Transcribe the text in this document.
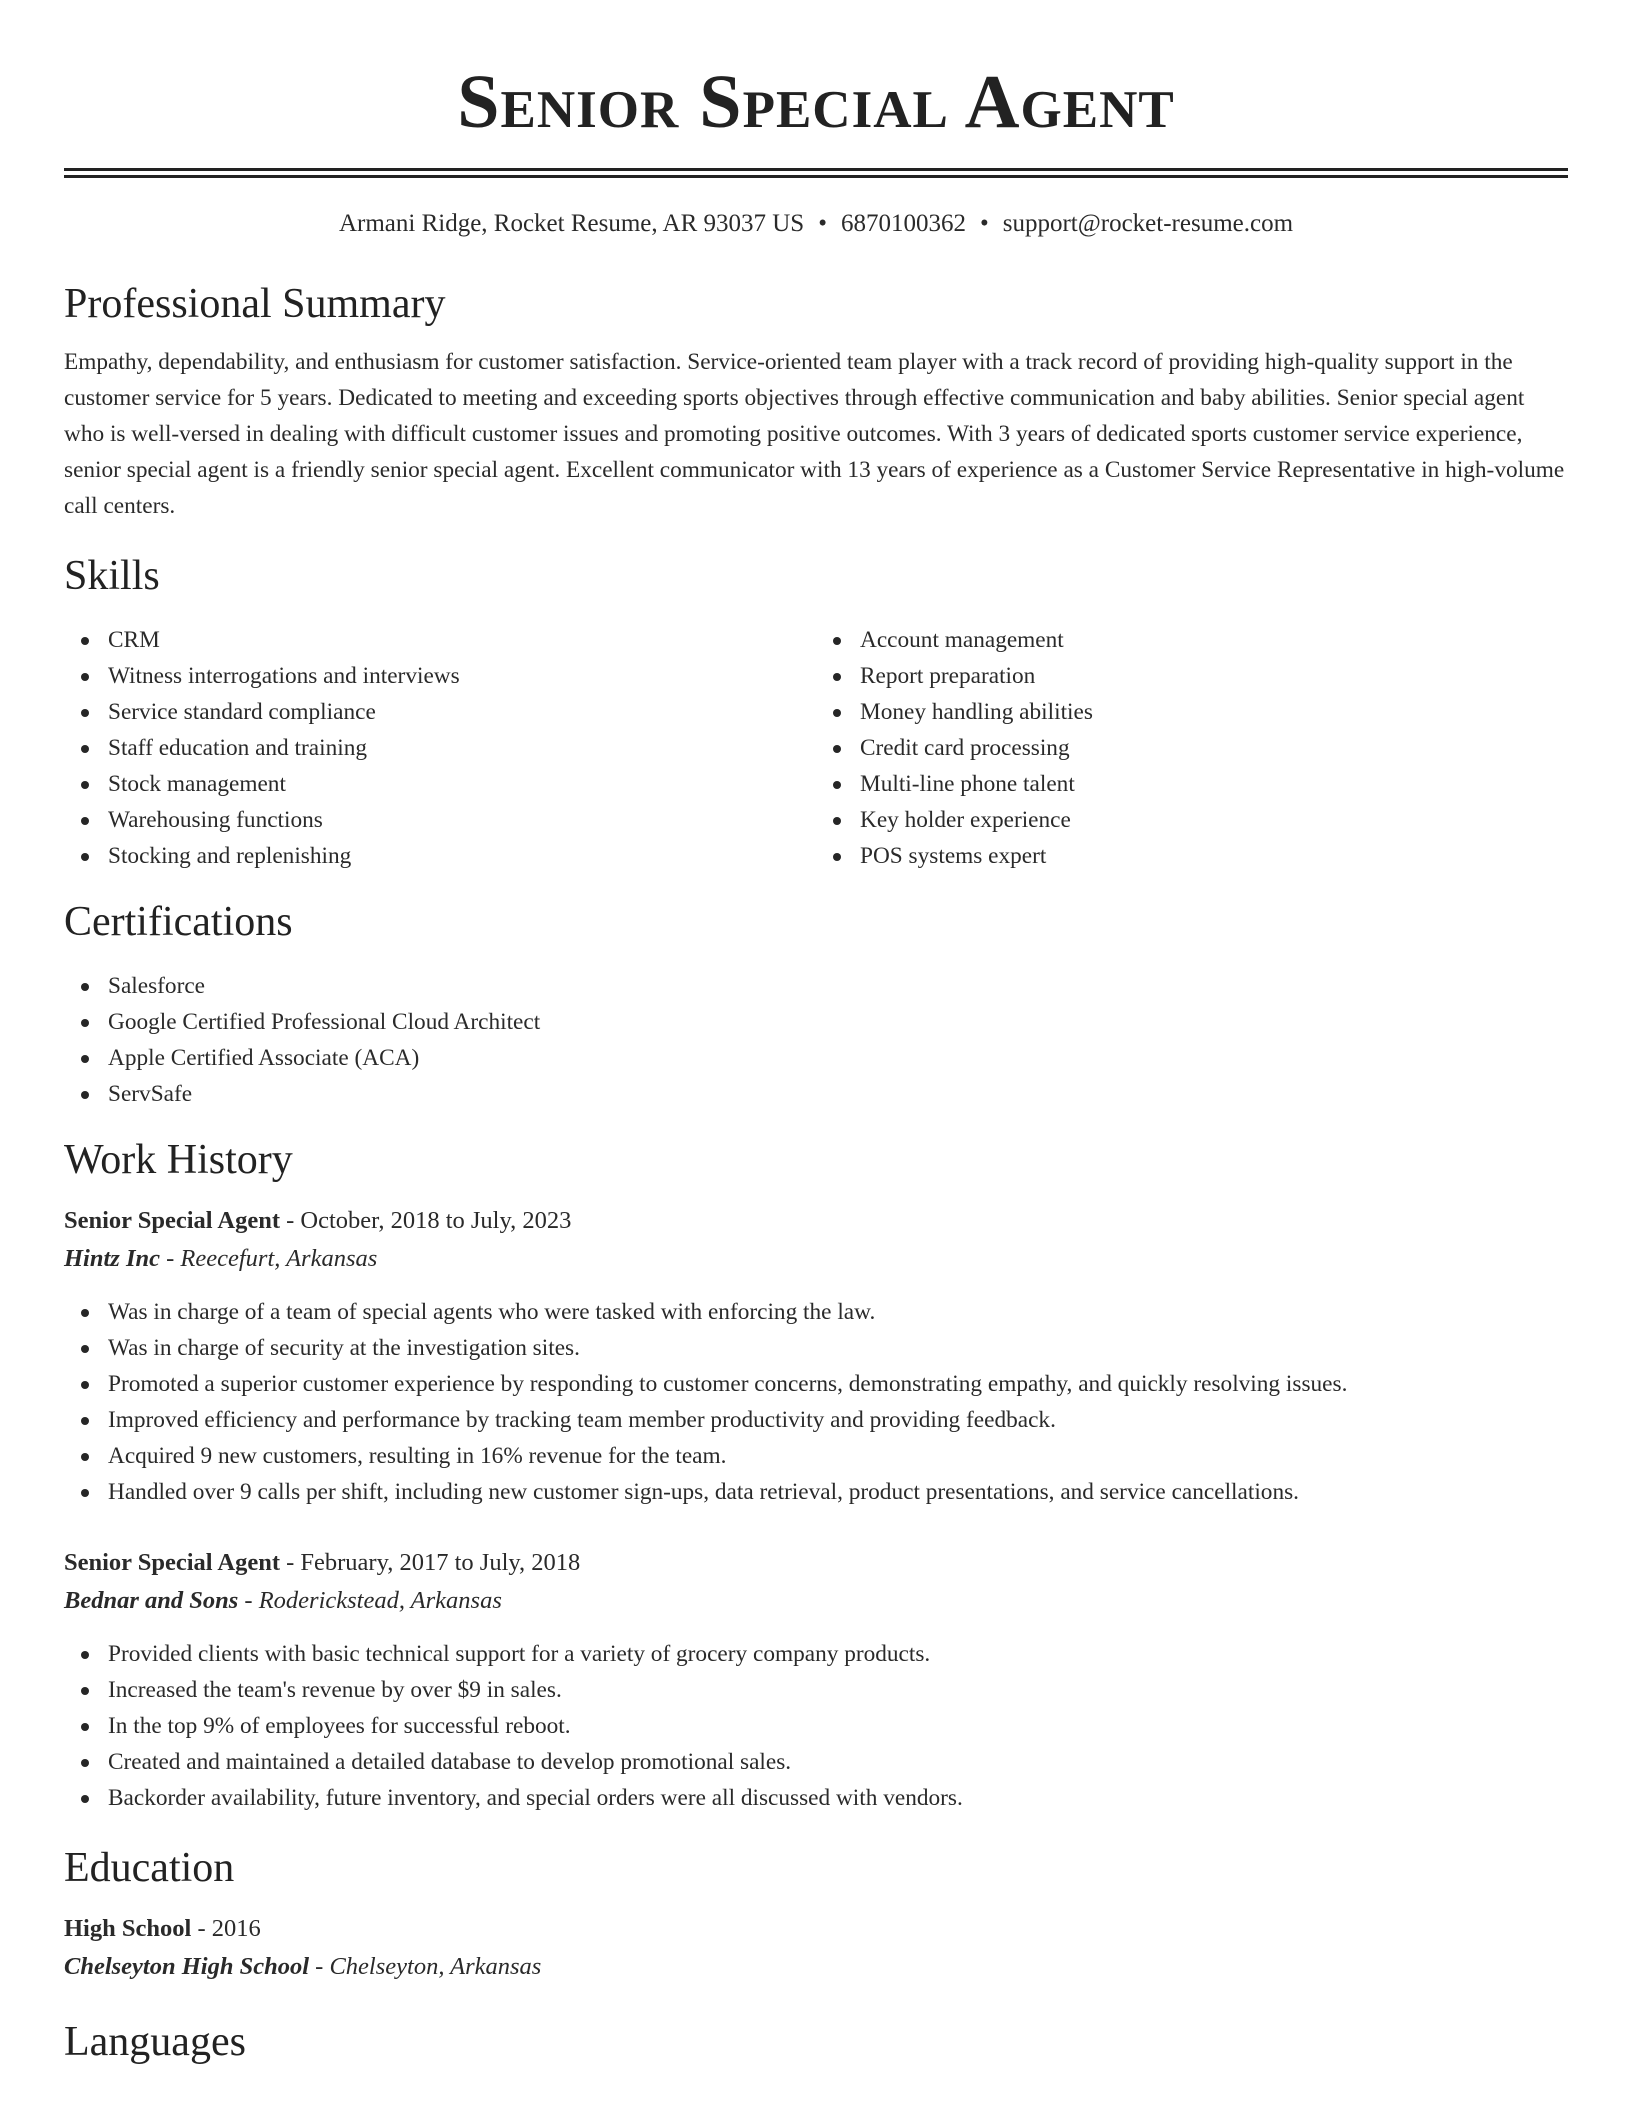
Senior Special Agent
Armani Ridge, Rocket Resume, AR 93037 US • 6870100362 • support@rocket-resume.com
Professional Summary
Empathy, dependability, and enthusiasm for customer satisfaction. Service-oriented team player with a track record of providing high-quality support in the customer service for 5 years. Dedicated to meeting and exceeding sports objectives through effective communication and baby abilities. Senior special agent who is well-versed in dealing with difficult customer issues and promoting positive outcomes. With 3 years of dedicated sports customer service experience, senior special agent is a friendly senior special agent. Excellent communicator with 13 years of experience as a Customer Service Representative in high-volume call centers.
Skills
CRM
Witness interrogations and interviews
Service standard compliance
Staff education and training
Stock management
Warehousing functions
Stocking and replenishing
Account management
Report preparation
Money handling abilities
Credit card processing
Multi-line phone talent
Key holder experience
POS systems expert
Certifications
Salesforce
Google Certified Professional Cloud Architect
Apple Certified Associate (ACA)
ServSafe
Work History
Senior Special Agent - October, 2018 to July, 2023
Hintz Inc - Reecefurt, Arkansas
Was in charge of a team of special agents who were tasked with enforcing the law.
Was in charge of security at the investigation sites.
Promoted a superior customer experience by responding to customer concerns, demonstrating empathy, and quickly resolving issues.
Improved efficiency and performance by tracking team member productivity and providing feedback.
Acquired 9 new customers, resulting in 16% revenue for the team.
Handled over 9 calls per shift, including new customer sign-ups, data retrieval, product presentations, and service cancellations.
Senior Special Agent - February, 2017 to July, 2018
Bednar and Sons - Roderickstead, Arkansas
Provided clients with basic technical support for a variety of grocery company products.
Increased the team's revenue by over $9 in sales.
In the top 9% of employees for successful reboot.
Created and maintained a detailed database to develop promotional sales.
Backorder availability, future inventory, and special orders were all discussed with vendors.
Education
High School - 2016
Chelseyton High School - Chelseyton, Arkansas
Languages
